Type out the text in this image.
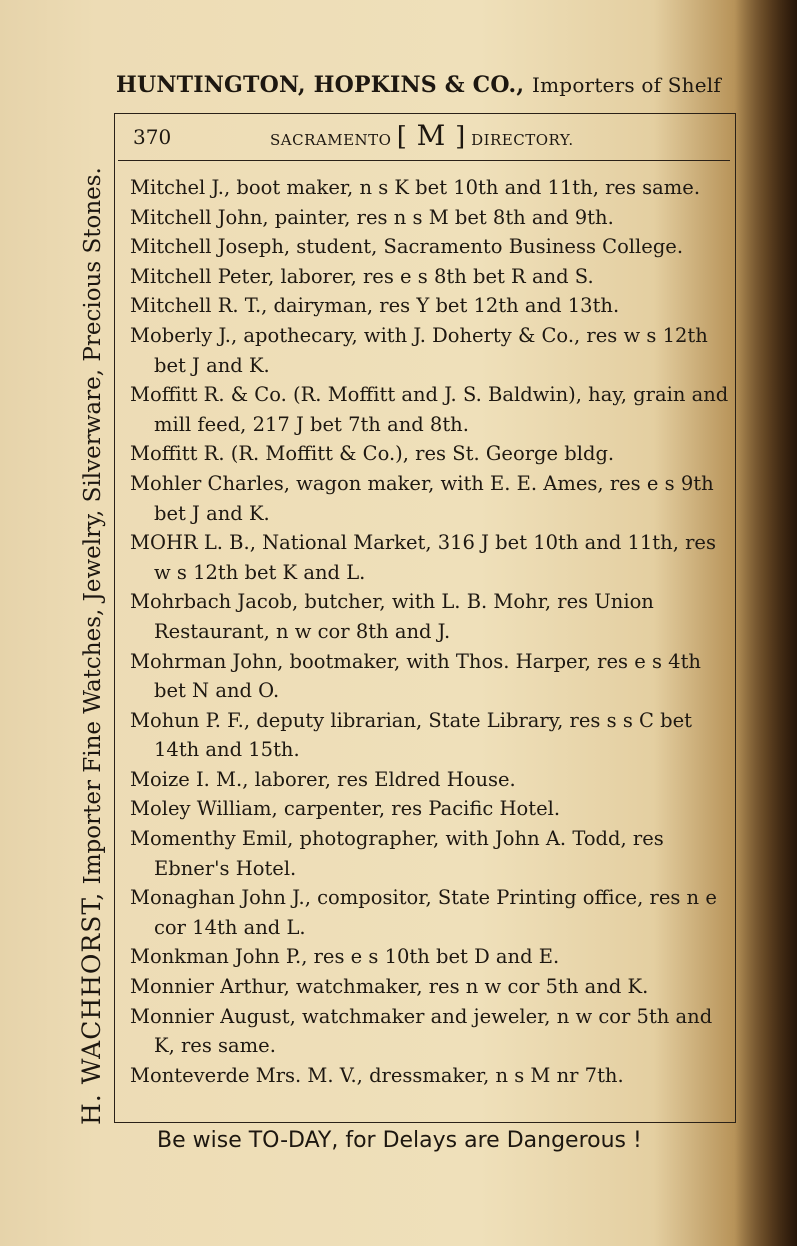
HUNTINGTON, HOPKINS & CO., Importers of Shelf
H. WACHHORST, Importer Fine Watches, Jewelry, Silverware, Precious Stones.
370	SACRAMENTO [ M ] DIRECTORY.

Mitchel J., boot maker, n s K bet 10th and 11th, res same.

Mitchell John, painter, res n s M bet 8th and 9th.

Mitchell Joseph, student, Sacramento Business College.

Mitchell Peter, laborer, res e s 8th bet R and S.

Mitchell R. T., dairyman, res Y bet 12th and 13th.

Moberly J., apothecary, with J. Doherty & Co., res w s 12th bet J and K.

Moffitt R. & Co. (R. Moffitt and J. S. Baldwin), hay, grain and mill feed, 217 J bet 7th and 8th.

Moffitt R. (R. Moffitt & Co.), res St. George bldg.

Mohler Charles, wagon maker, with E. E. Ames, res e s 9th bet J and K.

MOHR L. B., National Market, 316 J bet 10th and 11th, res w s 12th bet K and L.

Mohrbach Jacob, butcher, with L. B. Mohr, res Union Restaurant, n w cor 8th and J.

Mohrman John, bootmaker, with Thos. Harper, res e s 4th bet N and O.

Mohun P. F., deputy librarian, State Library, res s s C bet 14th and 15th.

Moize I. M., laborer, res Eldred House.

Moley William, carpenter, res Pacific Hotel.

Momenthy Emil, photographer, with John A. Todd, res Ebner's Hotel.

Monaghan John J., compositor, State Printing office, res n e cor 14th and L.

Monkman John P., res e s 10th bet D and E.

Monnier Arthur, watchmaker, res n w cor 5th and K.

Monnier August, watchmaker and jeweler, n w cor 5th and K, res same.

Monteverde Mrs. M. V., dressmaker, n s M nr 7th.

Be wise TO-DAY, for Delays are Dangerous !
